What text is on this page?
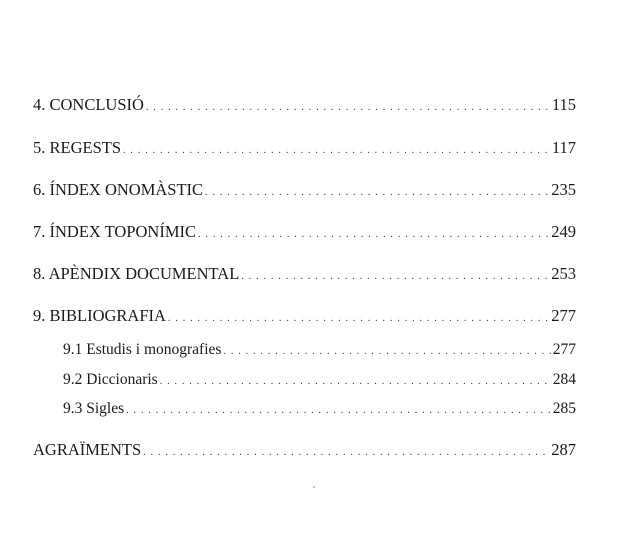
4. CONCLUSIÓ . . .	115
5. REGESTS . . .	117
6. ÍNDEX ONOMÀSTIC . . .	235
7. ÍNDEX TOPONÍMIC . . .	249
8. APÈNDIX DOCUMENTAL . . .	253
9. BIBLIOGRAFIA . . .	277
9.1 Estudis i monografies . . .	277
9.2 Diccionaris . . .	284
9.3 Sigles . . .	285
AGRAÏMENTS . . .	287
